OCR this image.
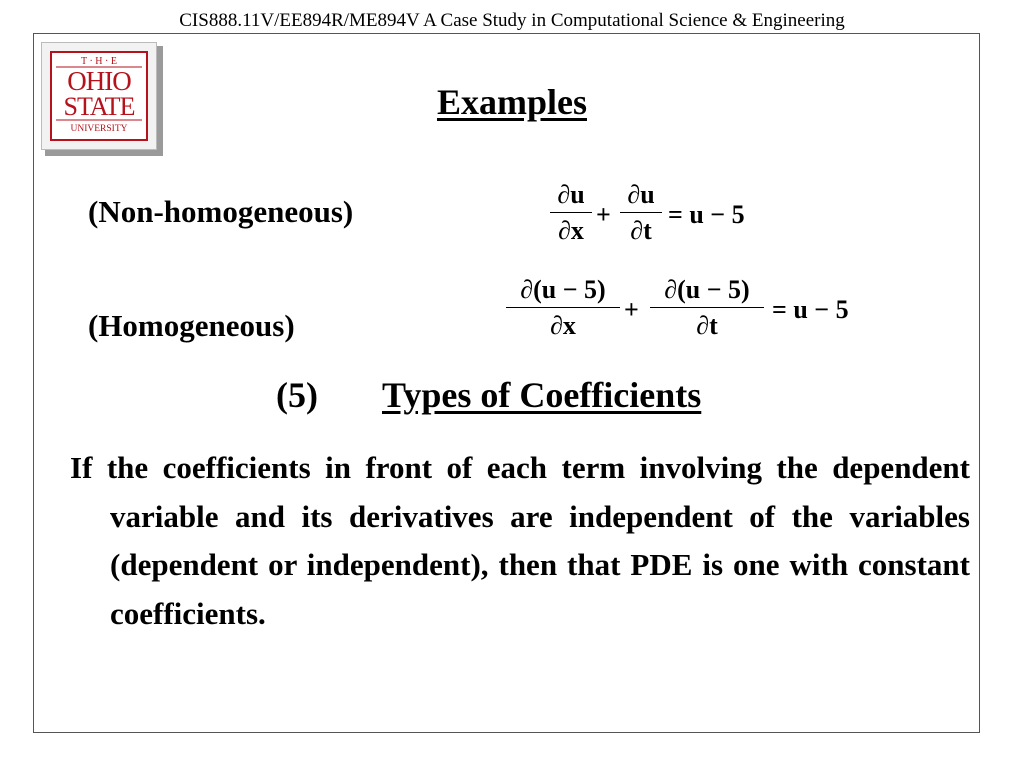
CIS888.11V/EE894R/ME894V A Case Study in Computational Science & Engineering
T · H · E
OHIO
STATE
UNIVERSITY
Examples
(Non-homogeneous)	∂u
∂x
+
∂u
∂t
= u − 5
(Homogeneous)
∂(u − 5)
∂x
+
∂(u − 5)
∂t
= u − 5
(5) Types of Coefficients
If the coefficients in front of each term involving the dependent variable and its derivatives are independent of the variables (dependent or independent), then that PDE is one with constant coefficients.
